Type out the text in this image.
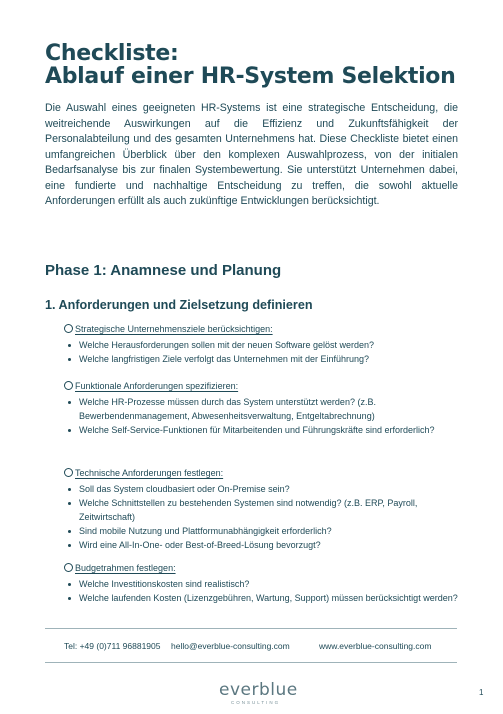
Checkliste:
Ablauf einer HR-System Selektion
Die Auswahl eines geeigneten HR-Systems ist eine strategische Entscheidung, die weitreichende Auswirkungen auf die Effizienz und Zukunftsfähigkeit der Personalabteilung und des gesamten Unternehmens hat. Diese Checkliste bietet einen umfangreichen Überblick über den komplexen Auswahlprozess, von der initialen Bedarfsanalyse bis zur finalen Systembewertung. Sie unterstützt Unternehmen dabei, eine fundierte und nachhaltige Entscheidung zu treffen, die sowohl aktuelle Anforderungen erfüllt als auch zukünftige Entwicklungen berücksichtigt.
Phase 1: Anamnese und Planung
1. Anforderungen und Zielsetzung definieren
Strategische Unternehmensziele berücksichtigen:
Welche Herausforderungen sollen mit der neuen Software gelöst werden?
Welche langfristigen Ziele verfolgt das Unternehmen mit der Einführung?
Funktionale Anforderungen spezifizieren:
Welche HR-Prozesse müssen durch das System unterstützt werden? (z.B. Bewerbendenmanagement, Abwesenheitsverwaltung, Entgeltabrechnung)
Welche Self-Service-Funktionen für Mitarbeitenden und Führungskräfte sind erforderlich?
Technische Anforderungen festlegen:
Soll das System cloudbasiert oder On-Premise sein?
Welche Schnittstellen zu bestehenden Systemen sind notwendig? (z.B. ERP, Payroll, Zeitwirtschaft)
Sind mobile Nutzung und Plattformunabhängigkeit erforderlich?
Wird eine All-In-One- oder Best-of-Breed-Lösung bevorzugt?
Budgetrahmen festlegen:
Welche Investitionskosten sind realistisch?
Welche laufenden Kosten (Lizenzgebühren, Wartung, Support) müssen berücksichtigt werden?
Tel: +49 (0)711 96881905 hello@everblue-consulting.com	www.everblue-consulting.com
everblue
CONSULTING
1
